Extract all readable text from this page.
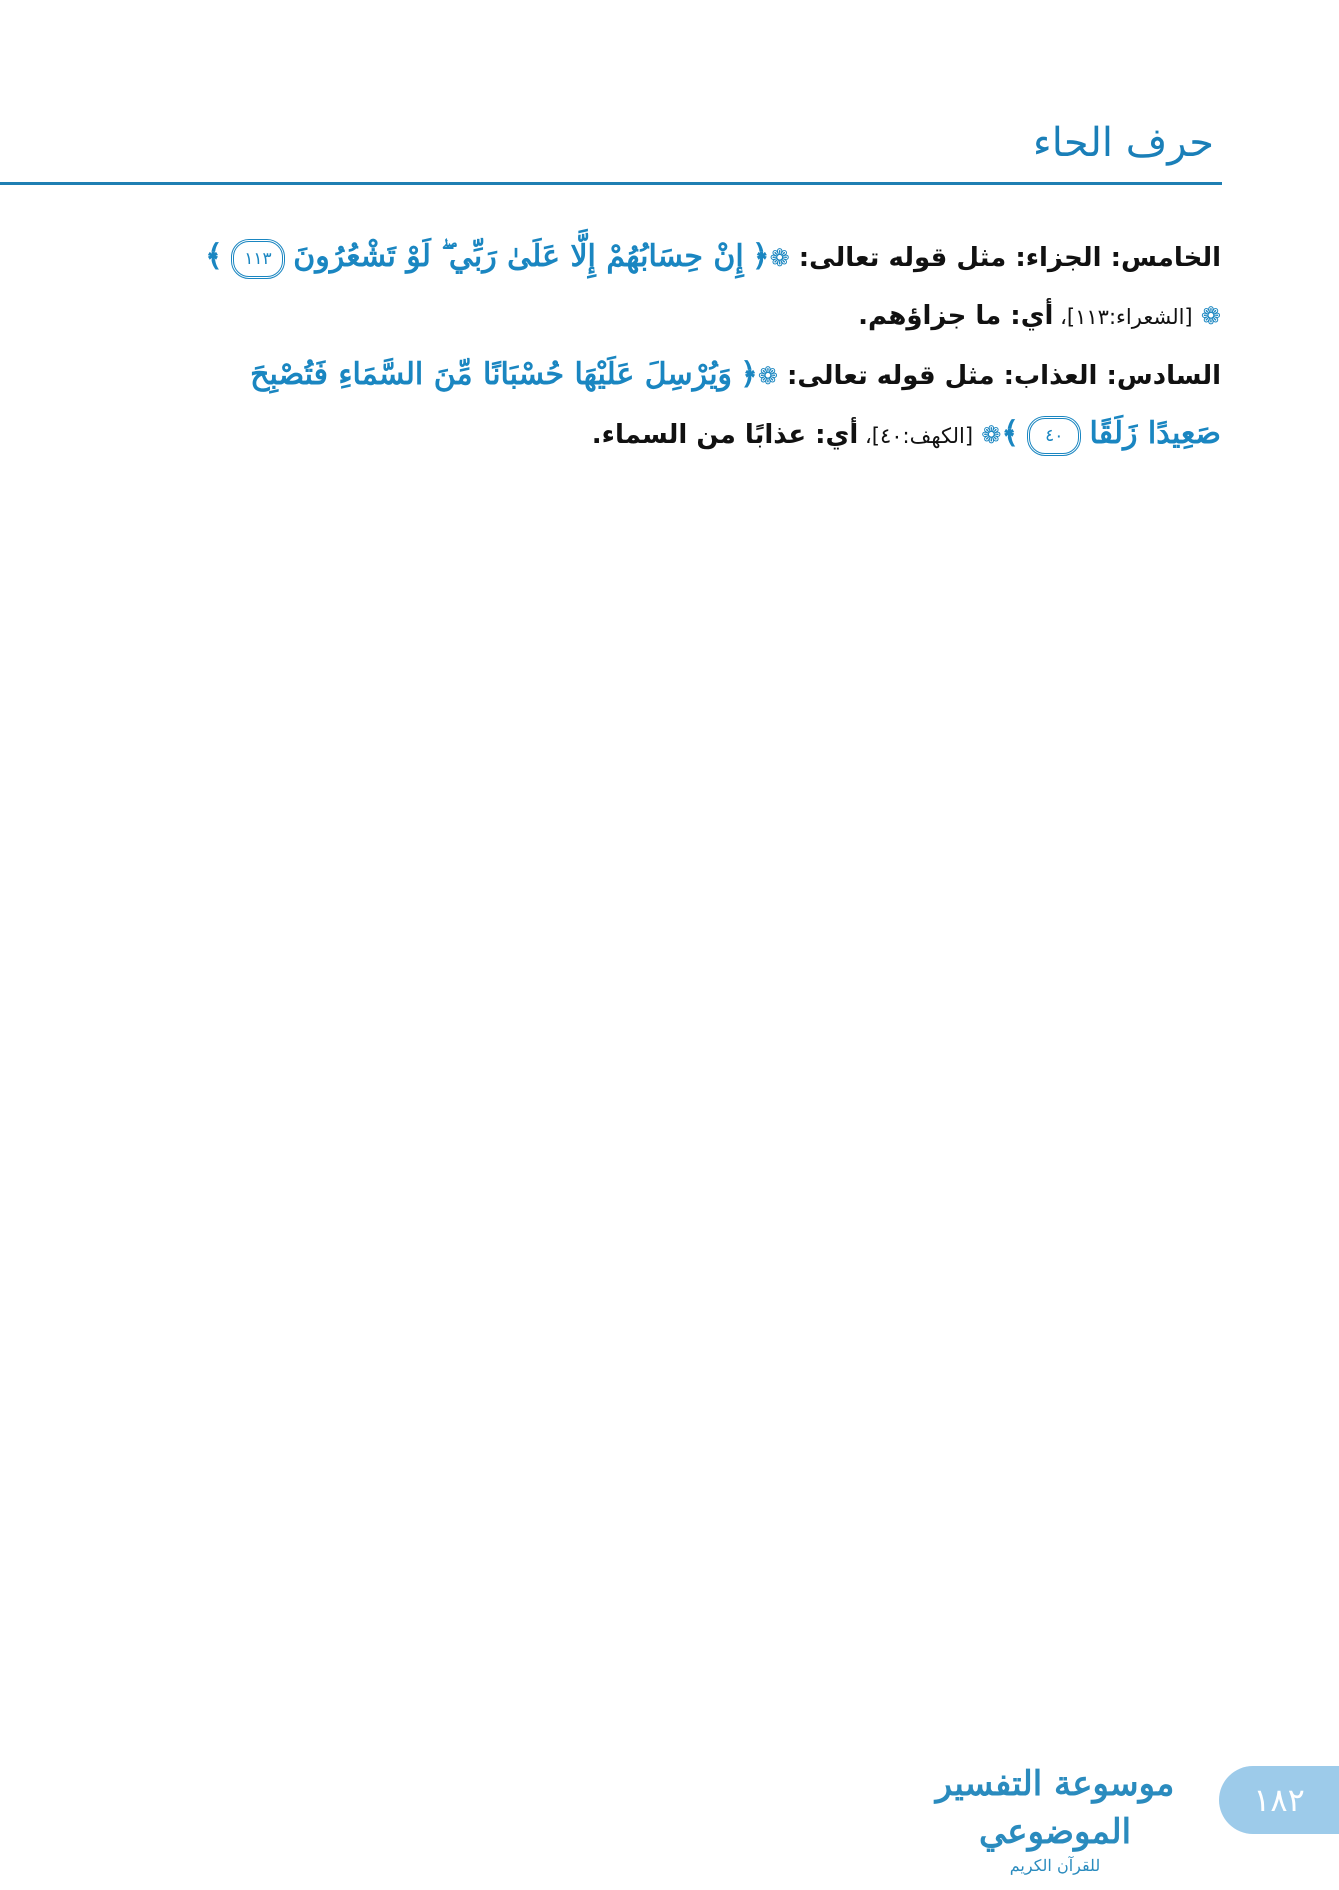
حرف الحاء

الخامس: الجزاء: مثل قوله تعالى: ❁﴿ إِنْ حِسَابُهُمْ إِلَّا عَلَىٰ رَبِّي ۖ لَوْ تَشْعُرُونَ ١١٣ ﴾❁ [الشعراء:١١٣]، أي: ما جزاؤهم.

السادس: العذاب: مثل قوله تعالى: ❁﴿ وَيُرْسِلَ عَلَيْهَا حُسْبَانًا مِّنَ السَّمَاءِ فَتُصْبِحَ صَعِيدًا زَلَقًا ٤٠ ﴾❁ [الكهف:٤٠]، أي: عذابًا من السماء.

موسوعة التفسير الموضوعي
للقرآن الكريم
١٨٢
